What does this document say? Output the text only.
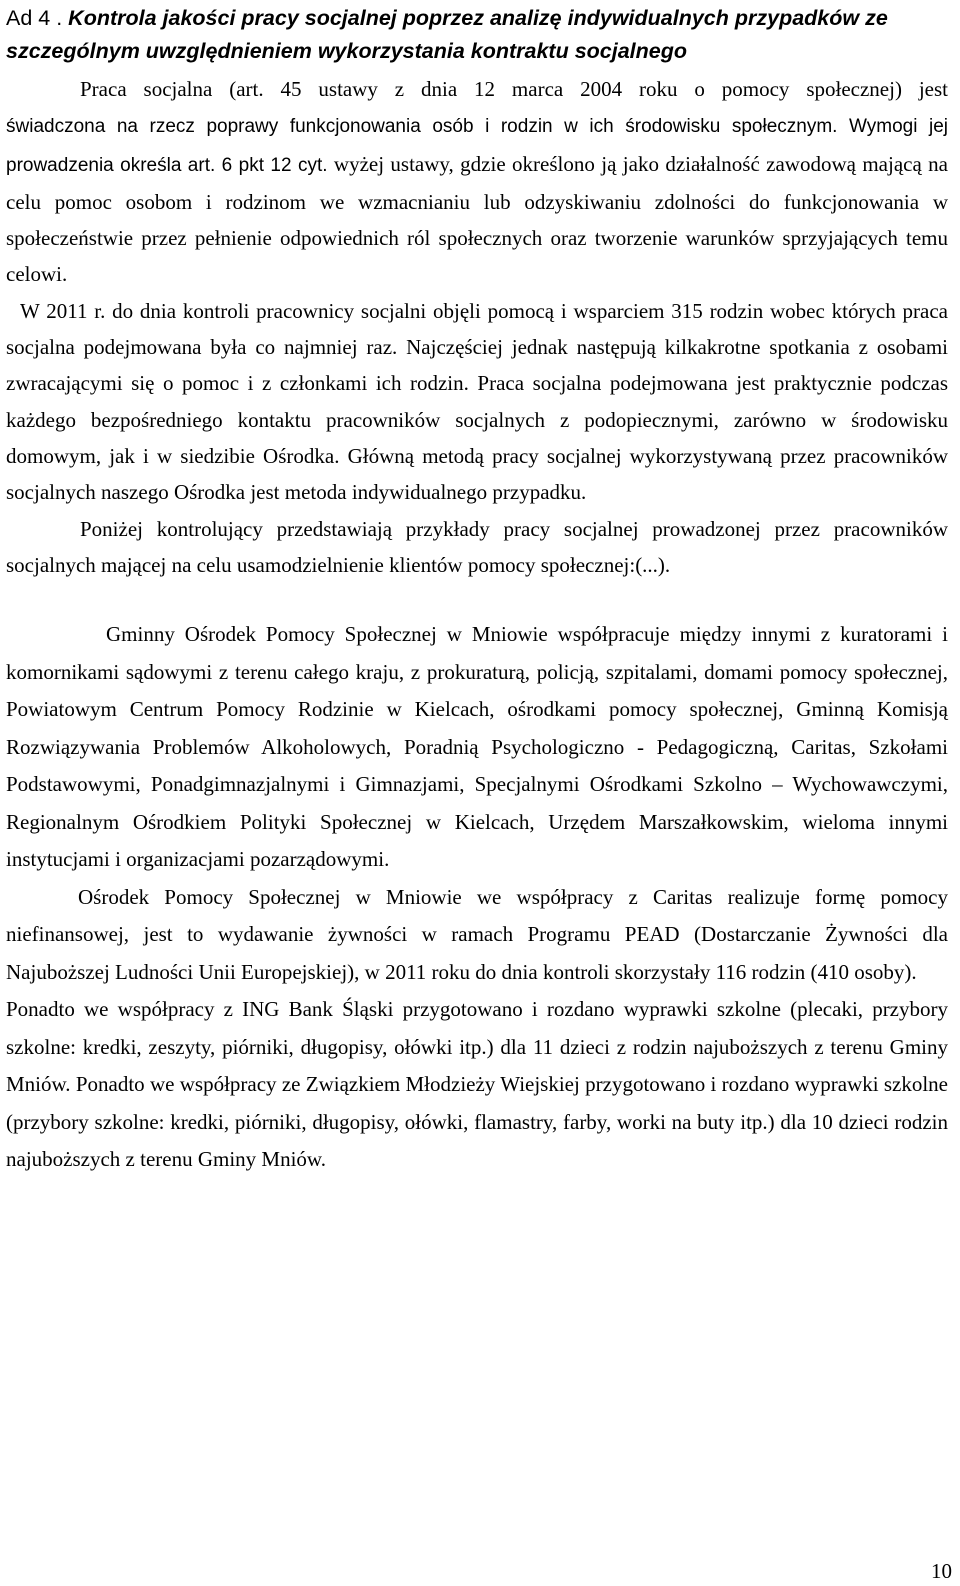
Ad 4 . Kontrola jakości pracy socjalnej poprzez analizę indywidualnych przypadków ze szczególnym uwzględnieniem wykorzystania kontraktu socjalnego

Praca socjalna (art. 45 ustawy z dnia 12 marca 2004 roku o pomocy społecznej) jest

świadczona na rzecz poprawy funkcjonowania osób i rodzin w ich środowisku społecznym. Wymogi jej prowadzenia określa art. 6 pkt 12 cyt. wyżej ustawy, gdzie określono ją jako działalność zawodową mającą na celu pomoc osobom i rodzinom we wzmacnianiu lub odzyskiwaniu zdolności do funkcjonowania w społeczeństwie przez pełnienie odpowiednich ról społecznych oraz tworzenie warunków sprzyjających temu celowi.

W 2011 r. do dnia kontroli pracownicy socjalni objęli pomocą i wsparciem 315 rodzin wobec których praca socjalna podejmowana była co najmniej raz. Najczęściej jednak następują kilkakrotne spotkania z osobami zwracającymi się o pomoc i z członkami ich rodzin. Praca socjalna podejmowana jest praktycznie podczas każdego bezpośredniego kontaktu pracowników socjalnych z podopiecznymi, zarówno w środowisku domowym, jak i w siedzibie Ośrodka. Główną metodą pracy socjalnej wykorzystywaną przez pracowników socjalnych naszego Ośrodka jest metoda indywidualnego przypadku.

Poniżej kontrolujący przedstawiają przykłady pracy socjalnej prowadzonej przez pracowników socjalnych mającej na celu usamodzielnienie klientów pomocy społecznej:(...).

Gminny Ośrodek Pomocy Społecznej w Mniowie współpracuje między innymi z kuratorami i komornikami sądowymi z terenu całego kraju, z prokuraturą, policją, szpitalami, domami pomocy społecznej, Powiatowym Centrum Pomocy Rodzinie w Kielcach, ośrodkami pomocy społecznej, Gminną Komisją Rozwiązywania Problemów Alkoholowych, Poradnią Psychologiczno - Pedagogiczną, Caritas, Szkołami Podstawowymi, Ponadgimnazjalnymi i Gimnazjami, Specjalnymi Ośrodkami Szkolno – Wychowawczymi, Regionalnym Ośrodkiem Polityki Społecznej w Kielcach, Urzędem Marszałkowskim, wieloma innymi instytucjami i organizacjami pozarządowymi.

Ośrodek Pomocy Społecznej w Mniowie we współpracy z Caritas realizuje formę pomocy niefinansowej, jest to wydawanie żywności w ramach Programu PEAD (Dostarczanie Żywności dla Najuboższej Ludności Unii Europejskiej), w 2011 roku do dnia kontroli skorzystały 116 rodzin (410 osoby).

Ponadto we współpracy z ING Bank Śląski przygotowano i rozdano wyprawki szkolne (plecaki, przybory szkolne: kredki, zeszyty, piórniki, długopisy, ołówki itp.) dla 11 dzieci z rodzin najuboższych z terenu Gminy Mniów. Ponadto we współpracy ze Związkiem Młodzieży Wiejskiej przygotowano i rozdano wyprawki szkolne (przybory szkolne: kredki, piórniki, długopisy, ołówki, flamastry, farby, worki na buty itp.) dla 10 dzieci rodzin najuboższych z terenu Gminy Mniów.

10
